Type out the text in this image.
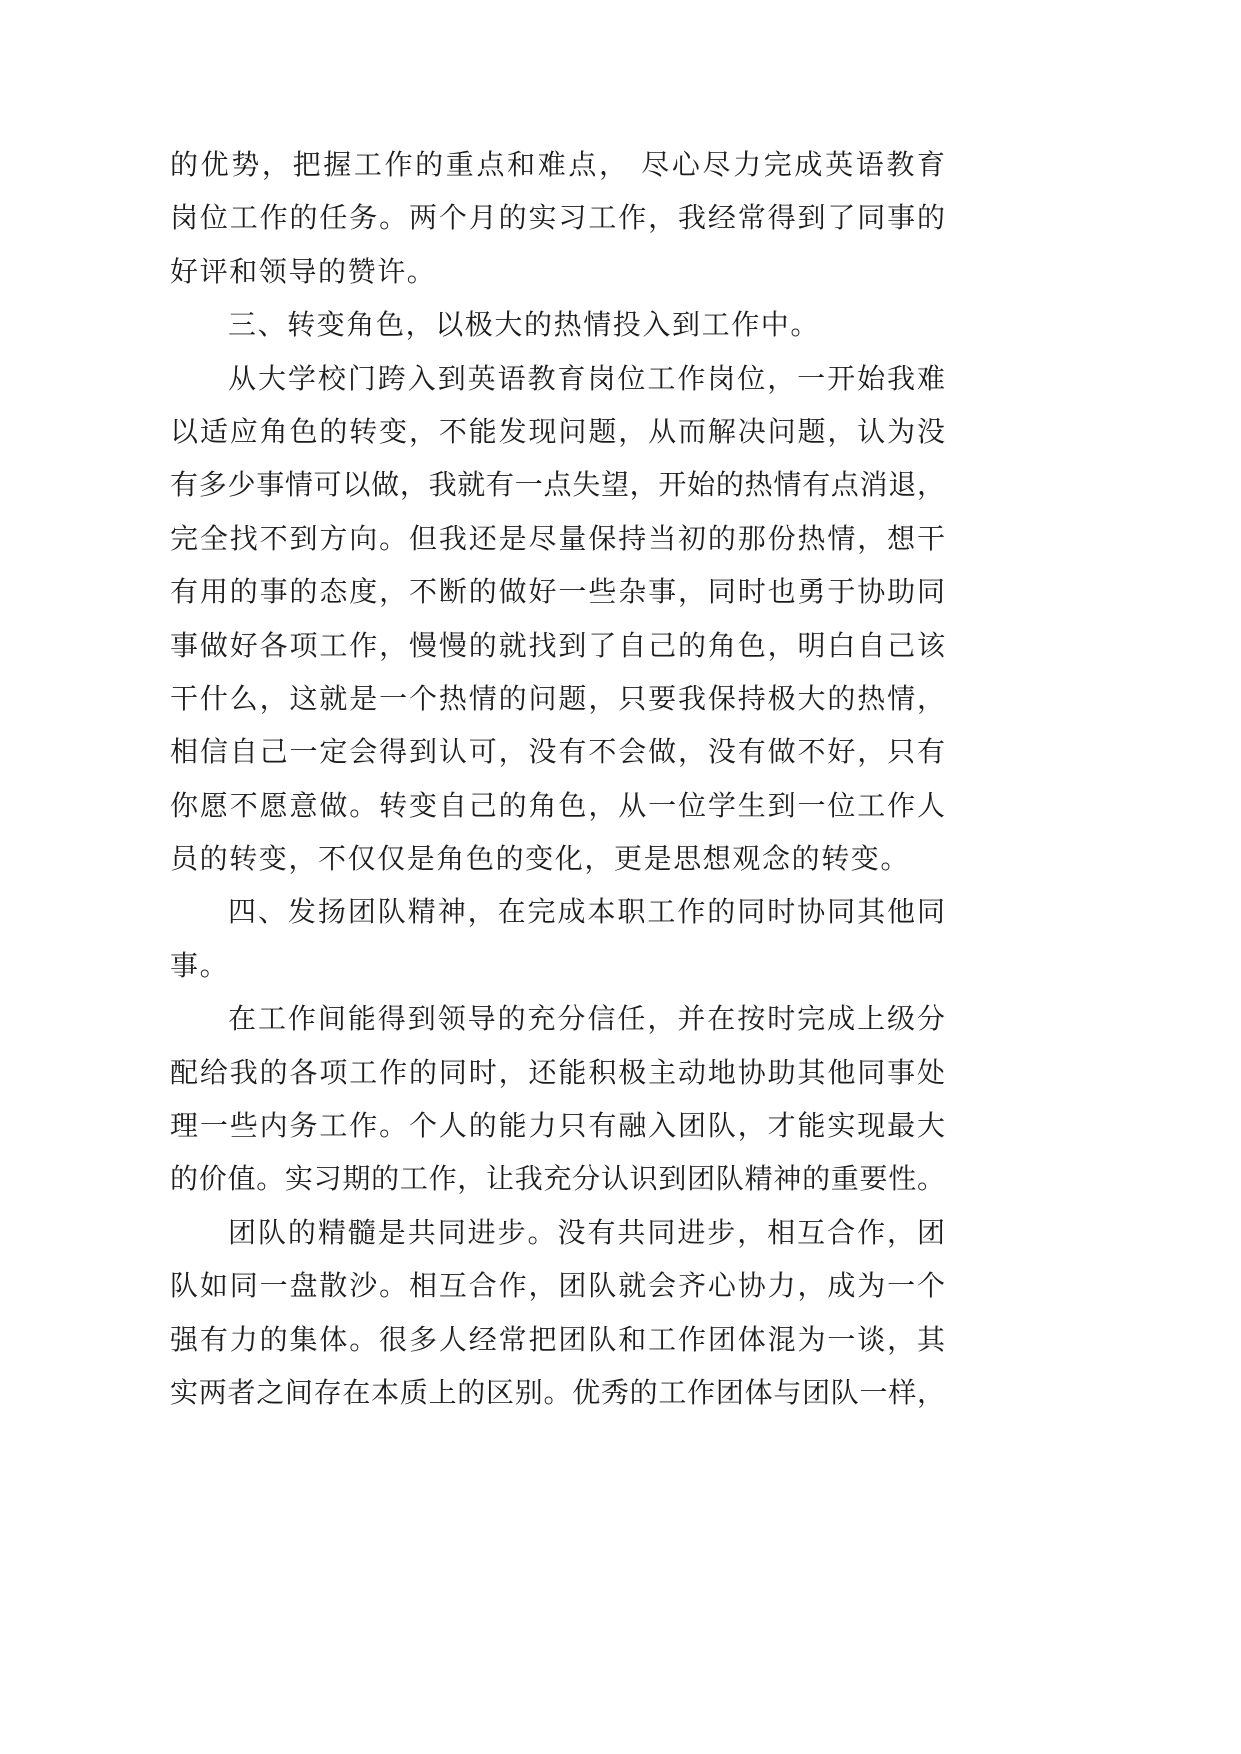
的优势，把握工作的重点和难点， 尽心尽力完成英语教育
岗位工作的任务。两个月的实习工作，我经常得到了同事的
好评和领导的赞许。
三、转变角色，以极大的热情投入到工作中。
从大学校门跨入到英语教育岗位工作岗位，一开始我难
以适应角色的转变，不能发现问题，从而解决问题，认为没
有多少事情可以做，我就有一点失望，开始的热情有点消退，
完全找不到方向。但我还是尽量保持当初的那份热情，想干
有用的事的态度，不断的做好一些杂事，同时也勇于协助同
事做好各项工作，慢慢的就找到了自己的角色，明白自己该
干什么，这就是一个热情的问题，只要我保持极大的热情，
相信自己一定会得到认可，没有不会做，没有做不好，只有
你愿不愿意做。转变自己的角色，从一位学生到一位工作人
员的转变，不仅仅是角色的变化，更是思想观念的转变。
四、发扬团队精神，在完成本职工作的同时协同其他同
事。
在工作间能得到领导的充分信任，并在按时完成上级分
配给我的各项工作的同时，还能积极主动地协助其他同事处
理一些内务工作。个人的能力只有融入团队，才能实现最大
的价值。实习期的工作，让我充分认识到团队精神的重要性。
团队的精髓是共同进步。没有共同进步，相互合作，团
队如同一盘散沙。相互合作，团队就会齐心协力，成为一个
强有力的集体。很多人经常把团队和工作团体混为一谈，其
实两者之间存在本质上的区别。优秀的工作团体与团队一样，
